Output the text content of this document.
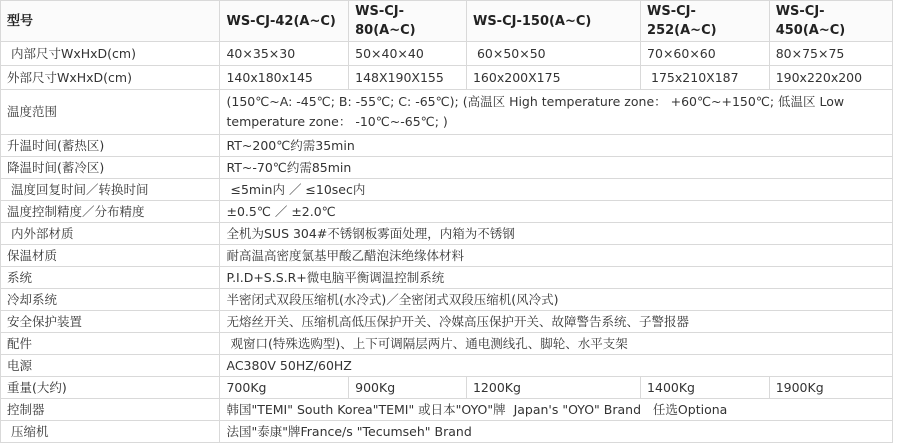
型号	WS-CJ-42(A~C)	WS-CJ-80(A~C)	WS-CJ-150(A~C)	WS-CJ-252(A~C)	WS-CJ-450(A~C)
内部尺寸WxHxD(cm)	40×35×30	50×40×40	60×50×50	70×60×60	80×75×75
外部尺寸WxHxD(cm)	140x180x145	148X190X155	160x200X175	175x210X187	190x220x200
温度范围	(150℃~A: -45℃; B: -55℃; C: -65℃); (高温区 High temperature zone： +60℃~+150℃; 低温区 Low temperature zone： -10℃~-65℃; )				
升温时间(蓄热区)	RT~200℃约需35min				
降温时间(蓄冷区)	RT~-70℃约需85min				
温度回复时间／转换时间	≤5min内 ／ ≤10sec内				
温度控制精度／分布精度	±0.5℃ ／ ±2.0℃				
内外部材质	全机为SUS 304#不锈钢板雾面处理，内箱为不锈钢				
保温材质	耐高温高密度氯基甲酸乙醋泡沫绝缘体材料				
系统	P.I.D+S.S.R+微电脑平衡调温控制系统				
冷却系统	半密闭式双段压缩机(水冷式)／全密闭式双段压缩机(风冷式)				
安全保护装置	无熔丝开关、压缩机高低压保护开关、冷媒高压保护开关、故障警告系统、子警报器				
配件	观窗口(特殊选购型)、上下可调隔层两片、通电测线孔、脚轮、水平支架				
电源	AC380V 50HZ/60HZ				
重量(大约)	700Kg	900Kg	1200Kg	1400Kg	1900Kg
控制器	韩国"TEMI" South Korea"TEMI" 或日本"OYO"牌  Japan's "OYO" Brand   任选Optiona				
压缩机	法国"泰康"牌France/s "Tecumseh" Brand				
